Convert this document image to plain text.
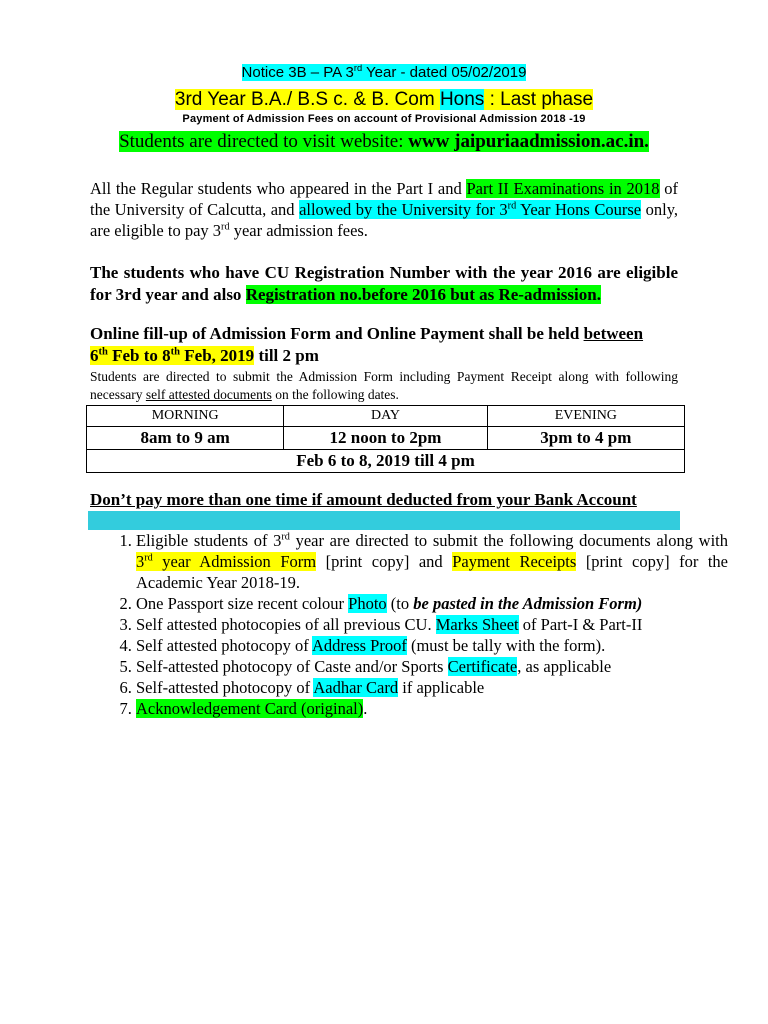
Notice 3B – PA 3rd Year - dated 05/02/2019
3rd Year B.A./ B.S c. & B. Com Hons : Last phase
Payment of Admission Fees on account of Provisional Admission 2018 -19
Students are directed to visit website: www jaipuriaadmission.ac.in.
All the Regular students who appeared in the Part I and Part II Examinations in 2018 of the University of Calcutta, and allowed by the University for 3rd Year Hons Course only, are eligible to pay 3rd year admission fees.
The students who have CU Registration Number with the year 2016 are eligible for 3rd year and also Registration no.before 2016 but as Re-admission.
Online fill-up of Admission Form and Online Payment shall be held between
6th Feb to 8th Feb, 2019 till 2 pm
Students are directed to submit the Admission Form including Payment Receipt along with following necessary self attested documents on the following dates.
MORNING	DAY	EVENING
8am to 9 am	12 noon to 2pm	3pm to 4 pm
Feb 6 to 8, 2019 till 4 pm		
Don’t pay more than one time if amount deducted from your Bank Account
1. Eligible students of 3rd year are directed to submit the following documents along with 3rd year Admission Form [print copy] and Payment Receipts [print copy] for the Academic Year 2018-19.
2. One Passport size recent colour Photo (to be pasted in the Admission Form)
3. Self attested photocopies of all previous CU. Marks Sheet of Part-I & Part-II
4. Self attested photocopy of Address Proof (must be tally with the form).
5. Self-attested photocopy of Caste and/or Sports Certificate, as applicable
6. Self-attested photocopy of Aadhar Card if applicable
7. Acknowledgement Card (original).
